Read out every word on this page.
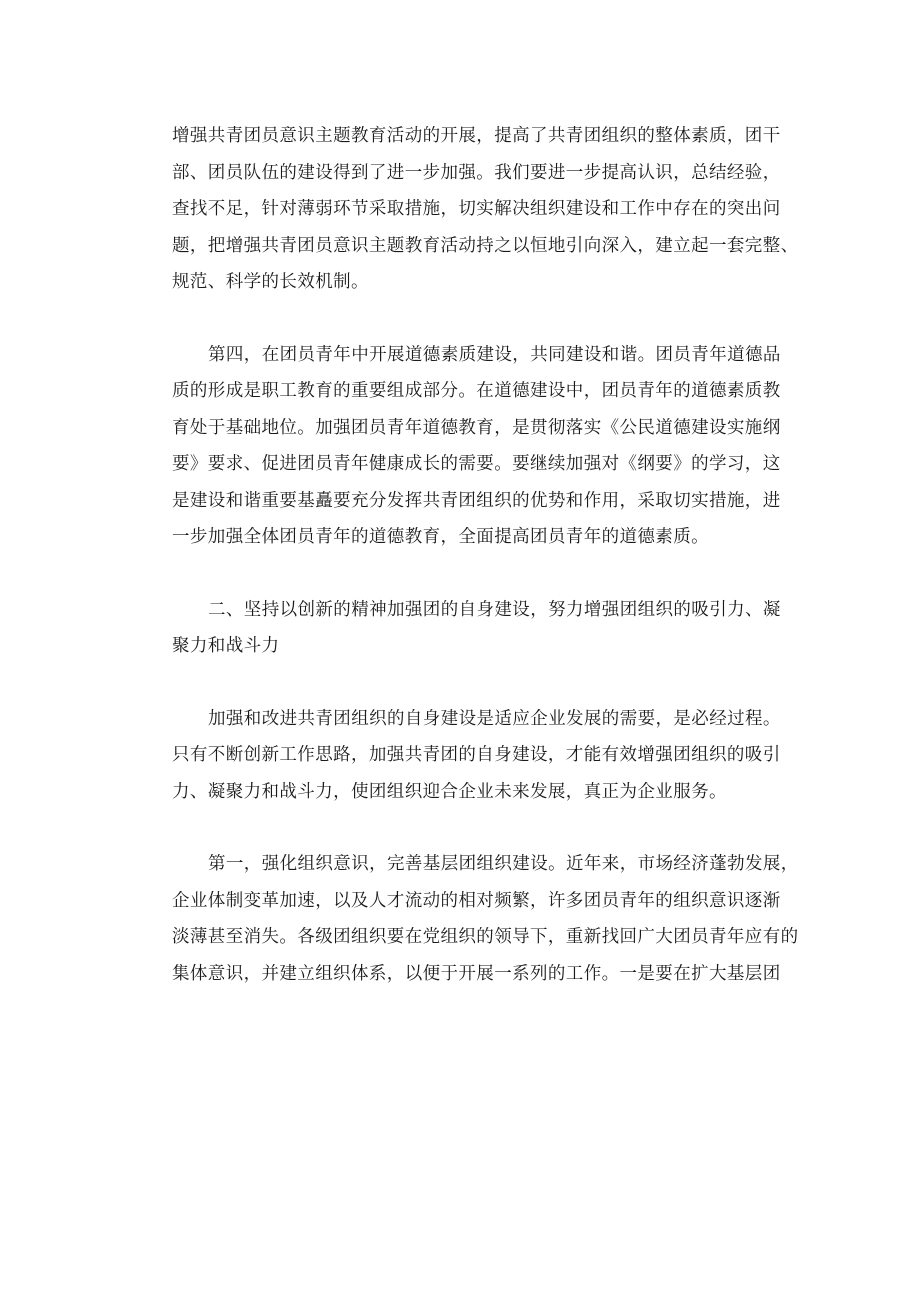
增强共青团员意识主题教育活动的开展，提高了共青团组织的整体素质，团干
部、团员队伍的建设得到了进一步加强。我们要进一步提高认识，总结经验，
查找不足，针对薄弱环节采取措施，切实解决组织建设和工作中存在的突出问
题，把增强共青团员意识主题教育活动持之以恒地引向深入，建立起一套完整、
规范、科学的长效机制。
第四，在团员青年中开展道德素质建设，共同建设和谐。团员青年道德品
质的形成是职工教育的重要组成部分。在道德建设中，团员青年的道德素质教
育处于基础地位。加强团员青年道德教育，是贯彻落实《公民道德建设实施纲
要》要求、促进团员青年健康成长的需要。要继续加强对《纲要》的学习，这
是建设和谐重要基矗要充分发挥共青团组织的优势和作用，采取切实措施，进
一步加强全体团员青年的道德教育，全面提高团员青年的道德素质。
二、坚持以创新的精神加强团的自身建设，努力增强团组织的吸引力、凝
聚力和战斗力
加强和改进共青团组织的自身建设是适应企业发展的需要，是必经过程。
只有不断创新工作思路，加强共青团的自身建设，才能有效增强团组织的吸引
力、凝聚力和战斗力，使团组织迎合企业未来发展，真正为企业服务。
第一，强化组织意识，完善基层团组织建设。近年来，市场经济蓬勃发展，
企业体制变革加速，以及人才流动的相对频繁，许多团员青年的组织意识逐渐
淡薄甚至消失。各级团组织要在党组织的领导下，重新找回广大团员青年应有的
集体意识，并建立组织体系，以便于开展一系列的工作。一是要在扩大基层团
